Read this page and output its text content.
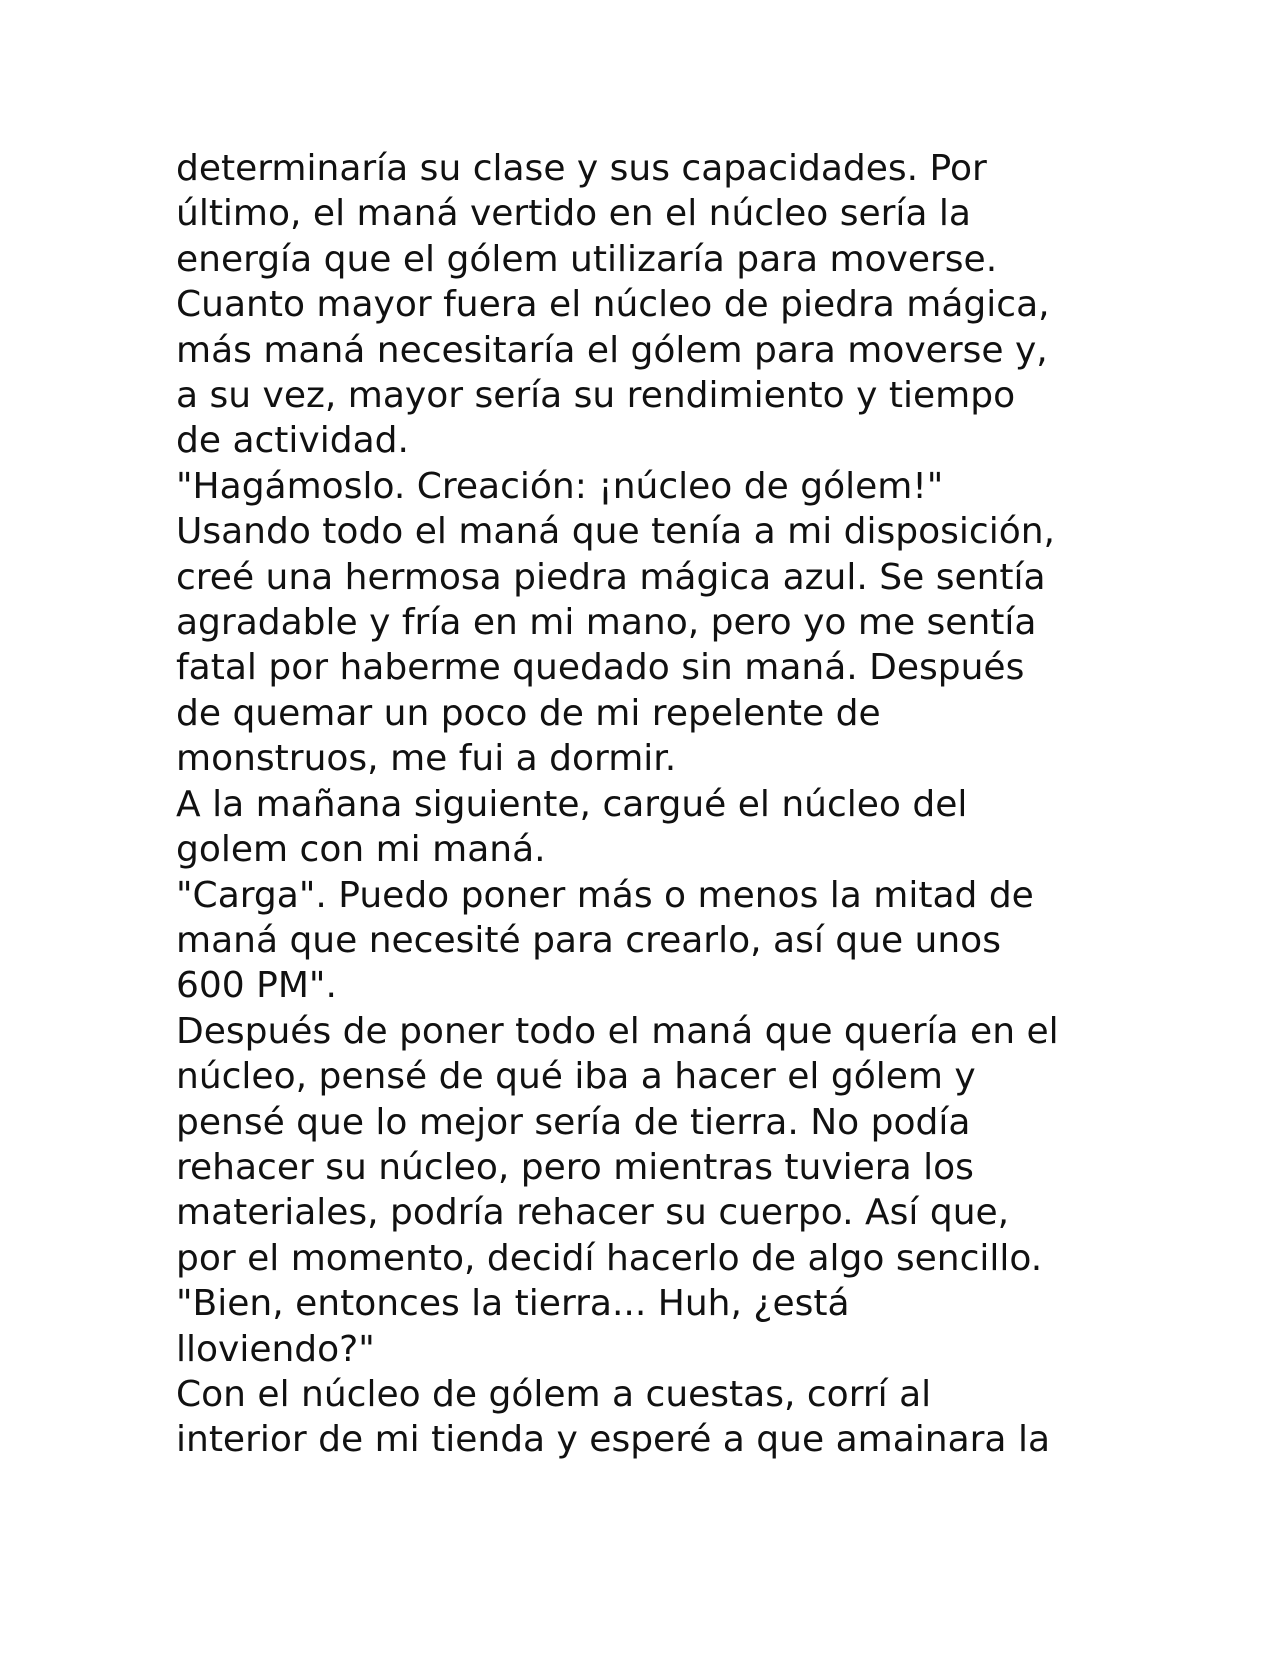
determinaría su clase y sus capacidades. Por
último, el maná vertido en el núcleo sería la
energía que el gólem utilizaría para moverse.
Cuanto mayor fuera el núcleo de piedra mágica,
más maná necesitaría el gólem para moverse y,
a su vez, mayor sería su rendimiento y tiempo
de actividad.
"Hagámoslo. Creación: ¡núcleo de gólem!"
Usando todo el maná que tenía a mi disposición,
creé una hermosa piedra mágica azul. Se sentía
agradable y fría en mi mano, pero yo me sentía
fatal por haberme quedado sin maná. Después
de quemar un poco de mi repelente de
monstruos, me fui a dormir.
A la mañana siguiente, cargué el núcleo del
golem con mi maná.
"Carga". Puedo poner más o menos la mitad de
maná que necesité para crearlo, así que unos
600 PM".
Después de poner todo el maná que quería en el
núcleo, pensé de qué iba a hacer el gólem y
pensé que lo mejor sería de tierra. No podía
rehacer su núcleo, pero mientras tuviera los
materiales, podría rehacer su cuerpo. Así que,
por el momento, decidí hacerlo de algo sencillo.
"Bien, entonces la tierra... Huh, ¿está
lloviendo?"
Con el núcleo de gólem a cuestas, corrí al
interior de mi tienda y esperé a que amainara la
